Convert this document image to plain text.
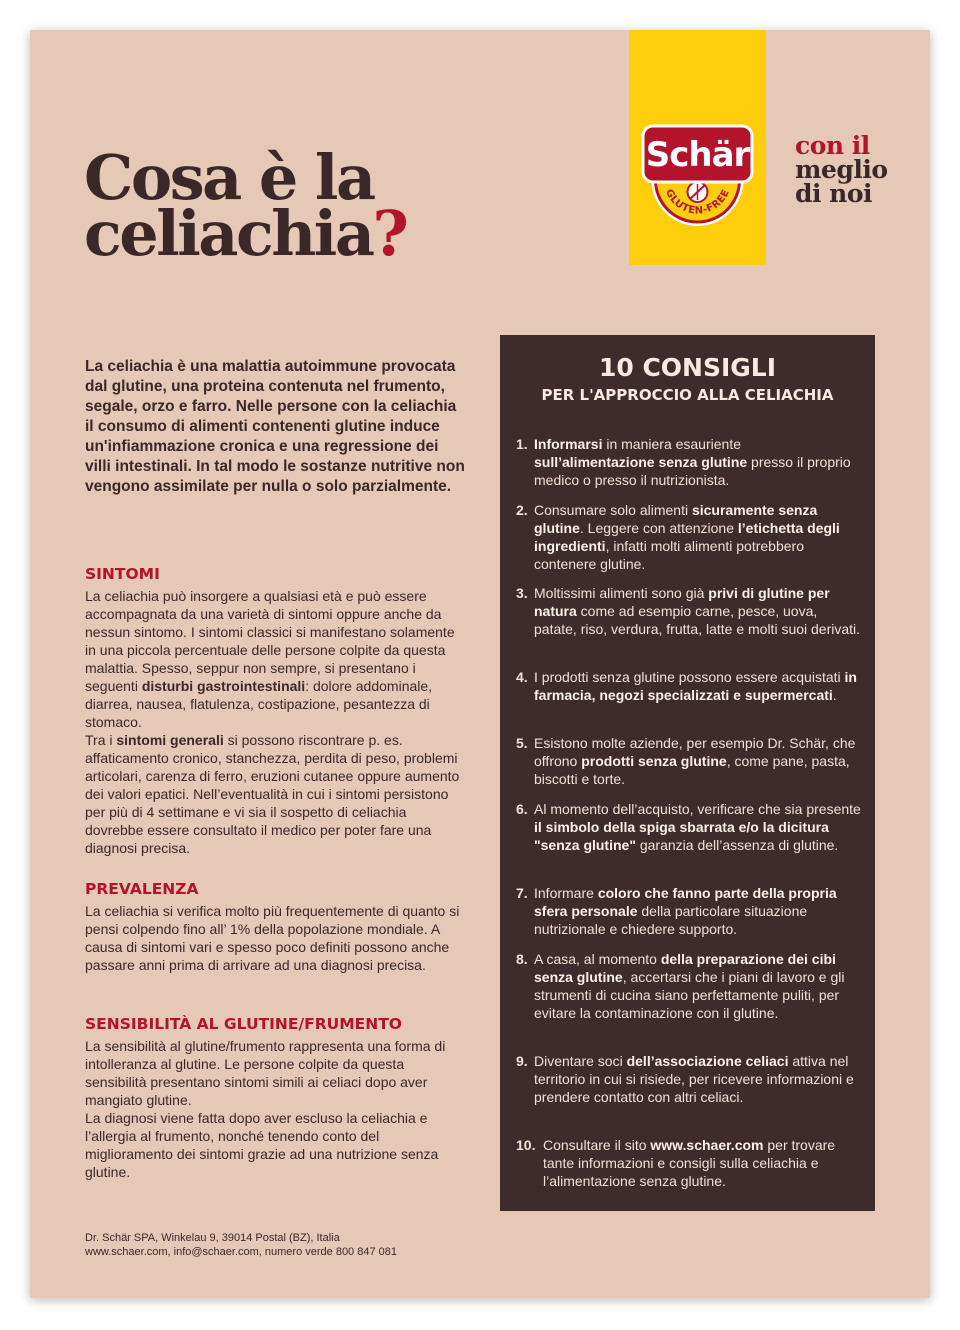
GLUTEN-FREE
Schär con il
meglio
di noi
Cosa è la
celiachia?

La celiachia è una malattia autoimmune provocata dal glutine, una proteina contenuta nel frumento, segale, orzo e farro. Nelle persone con la celiachia il consumo di alimenti contenenti glutine induce un'infiammazione cronica e una regressione dei villi intestinali. In tal modo le sostanze nutritive non vengono assimilate per nulla o solo parzialmente.

SINTOMI

La celiachia può insorgere a qualsiasi età e può essere accompagnata da una varietà di sintomi oppure anche da nessun sintomo. I sintomi classici si manifestano solamente in una piccola percentuale delle persone colpite da questa malattia. Spesso, seppur non sempre, si presentano i seguenti disturbi gastrointestinali: dolore addominale, diarrea, nausea, flatulenza, costipazione, pesantezza di stomaco.
Tra i sintomi generali si possono riscontrare p. es. affaticamento cronico, stanchezza, perdita di peso, problemi articolari, carenza di ferro, eruzioni cutanee oppure aumento dei valori epatici. Nell’eventualità in cui i sintomi persistono per più di 4 settimane e vi sia il sospetto di celiachia dovrebbe essere consultato il medico per poter fare una diagnosi precisa.

PREVALENZA

La celiachia si verifica molto più frequentemente di quanto si pensi colpendo fino all’ 1% della popolazione mondiale. A causa di sintomi vari e spesso poco definiti possono anche passare anni prima di arrivare ad una diagnosi precisa.

SENSIBILITÀ AL GLUTINE/FRUMENTO

La sensibilità al glutine/frumento rappresenta una forma di intolleranza al glutine. Le persone colpite da questa sensibilità presentano sintomi simili ai celiaci dopo aver mangiato glutine.
La diagnosi viene fatta dopo aver escluso la celiachia e l’allergia al frumento, nonché tenendo conto del miglioramento dei sintomi grazie ad una nutrizione senza glutine.

Dr. Schär SPA, Winkelau 9, 39014 Postal (BZ), Italia
www.schaer.com, info@schaer.com, numero verde 800 847 081
10 CONSIGLI
PER L'APPROCCIO ALLA CELIACHIA
1. Informarsi in maniera esauriente sull’alimentazione senza glutine presso il proprio medico o presso il nutrizionista.
2. Consumare solo alimenti sicuramente senza glutine. Leggere con attenzione l’etichetta degli ingredienti, infatti molti alimenti potrebbero contenere glutine.
3. Moltissimi alimenti sono già privi di glutine per natura come ad esempio carne, pesce, uova, patate, riso, verdura, frutta, latte e molti suoi derivati.
4. I prodotti senza glutine possono essere acquistati in farmacia, negozi specializzati e supermercati.
5. Esistono molte aziende, per esempio Dr. Schär, che offrono prodotti senza glutine, come pane, pasta, biscotti e torte.
6. Al momento dell’acquisto, verificare che sia presente il simbolo della spiga sbarrata e/o la dicitura "senza glutine" garanzia dell’assenza di glutine.
7. Informare coloro che fanno parte della propria sfera personale della particolare situazione nutrizionale e chiedere supporto.
8. A casa, al momento della preparazione dei cibi senza glutine, accertarsi che i piani di lavoro e gli strumenti di cucina siano perfettamente puliti, per evitare la contaminazione con il glutine.
9. Diventare soci dell’associazione celiaci attiva nel territorio in cui si risiede, per ricevere informazioni e prendere contatto con altri celiaci.
10. Consultare il sito www.schaer.com per trovare tante informazioni e consigli sulla celiachia e l’alimentazione senza glutine.
